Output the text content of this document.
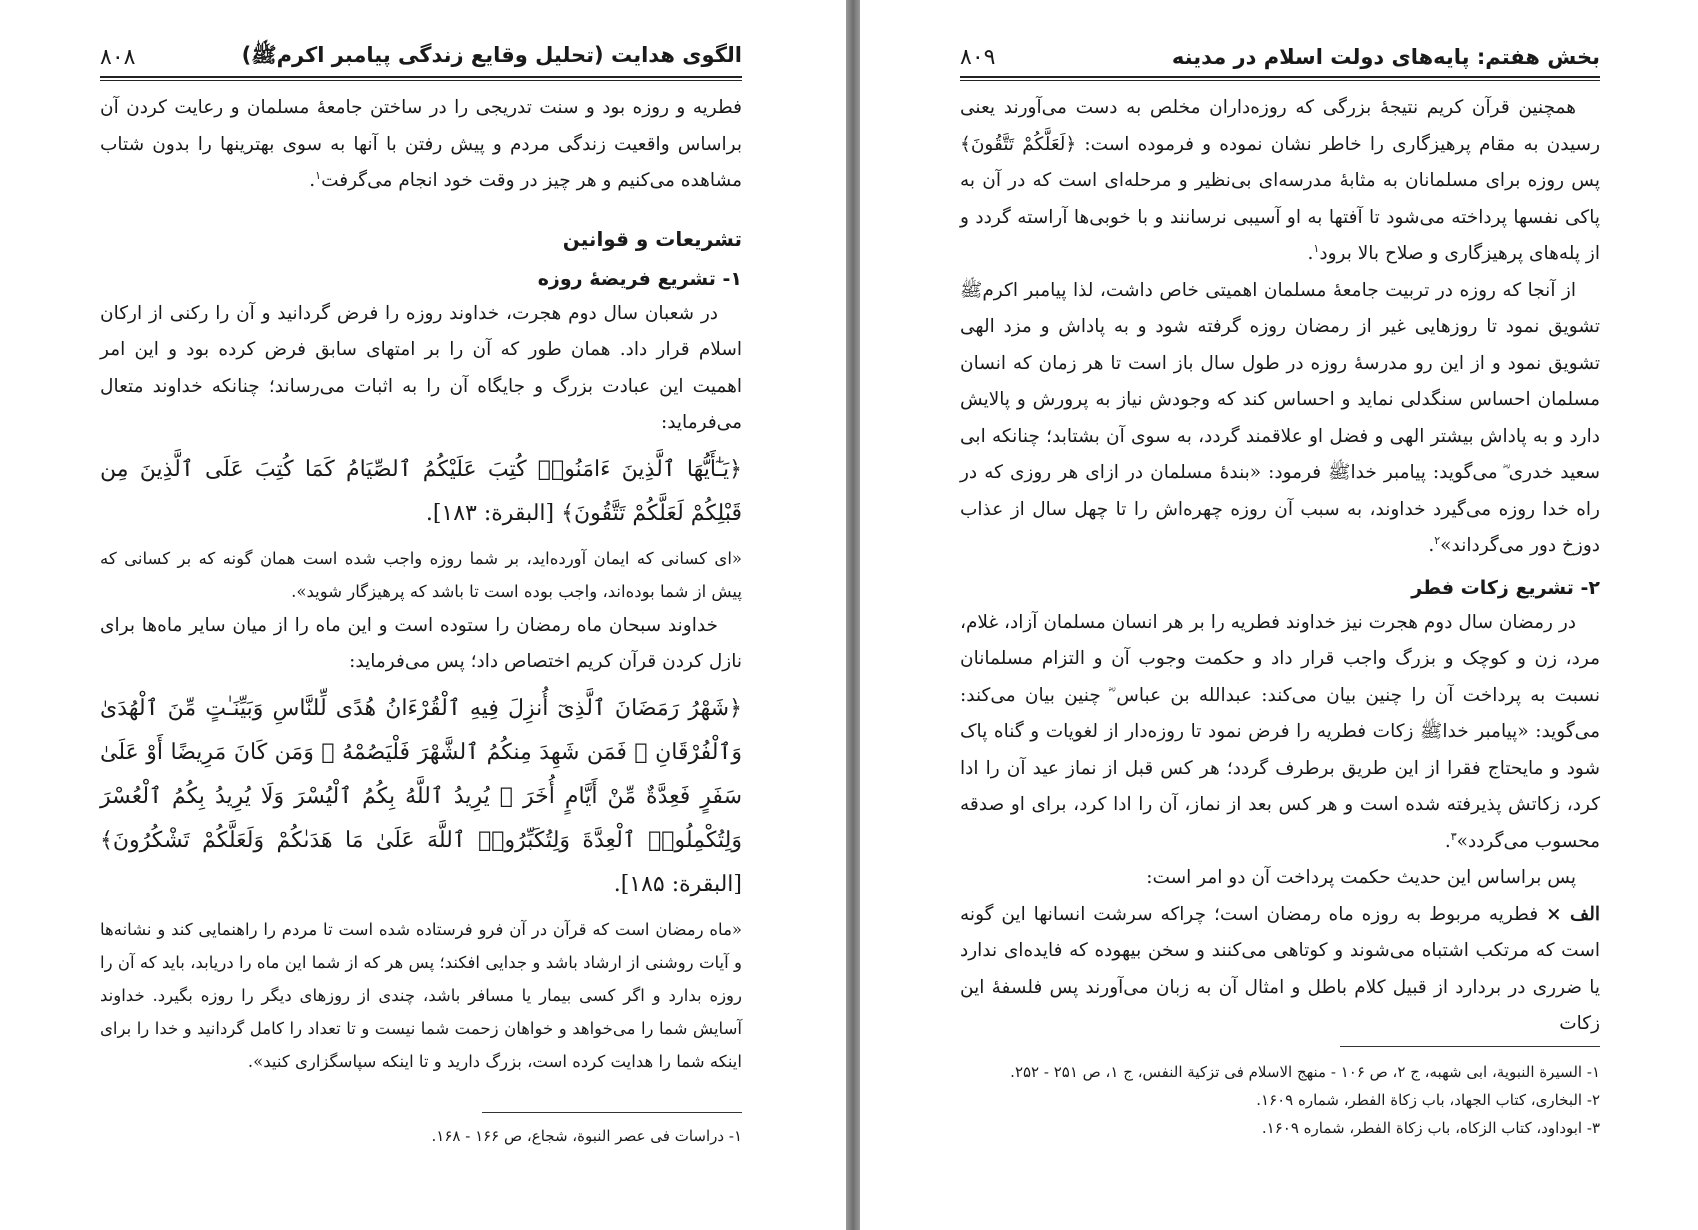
الگوی هدایت (تحلیل وقایع زندگی پیامبر اکرمﷺ)
۸۰۸

فطریه و روزه بود و سنت تدریجی را در ساختن جامعهٔ مسلمان و رعایت کردن آن براساس واقعیت زندگی مردم و پیش رفتن با آنها به سوی بهترینها را بدون شتاب مشاهده می‌کنیم و هر چیز در وقت خود انجام می‌گرفت$^۱$.

تشریعات و قوانین

۱- تشریع فریضهٔ روزه

در شعبان سال دوم هجرت، خداوند روزه را فرض گردانید و آن را رکنی از ارکان اسلام قرار داد. همان طور که آن را بر امتهای سابق فرض کرده بود و این امر اهمیت این عبادت بزرگ و جایگاه آن را به اثبات می‌رساند؛ چنانکه خداوند متعال می‌فرماید:

﴿يَـٰٓأَيُّهَا ٱلَّذِينَ ءَامَنُوا۟ كُتِبَ عَلَيْكُمُ ٱلصِّيَامُ كَمَا كُتِبَ عَلَى ٱلَّذِينَ مِن قَبْلِكُمْ لَعَلَّكُمْ تَتَّقُونَ﴾ [البقرة: ۱۸۳].

«ای کسانی که ایمان آورده‌اید، بر شما روزه واجب شده است همان گونه که بر کسانی که پیش از شما بوده‌اند، واجب بوده است تا باشد که پرهیزگار شوید».

خداوند سبحان ماه رمضان را ستوده است و این ماه را از میان سایر ماه‌ها برای نازل کردن قرآن کریم اختصاص داد؛ پس می‌فرماید:

﴿شَهْرُ رَمَضَانَ ٱلَّذِىٓ أُنزِلَ فِيهِ ٱلْقُرْءَانُ هُدًى لِّلنَّاسِ وَبَيِّنَـٰتٍ مِّنَ ٱلْهُدَىٰ وَٱلْفُرْقَانِ ۚ فَمَن شَهِدَ مِنكُمُ ٱلشَّهْرَ فَلْيَصُمْهُ ۖ وَمَن كَانَ مَرِيضًا أَوْ عَلَىٰ سَفَرٍ فَعِدَّةٌ مِّنْ أَيَّامٍ أُخَرَ ۗ يُرِيدُ ٱللَّهُ بِكُمُ ٱلْيُسْرَ وَلَا يُرِيدُ بِكُمُ ٱلْعُسْرَ وَلِتُكْمِلُوا۟ ٱلْعِدَّةَ وَلِتُكَبِّرُوا۟ ٱللَّهَ عَلَىٰ مَا هَدَىٰكُمْ وَلَعَلَّكُمْ تَشْكُرُونَ﴾ [البقرة: ۱۸۵].

«ماه رمضان است که قرآن در آن فرو فرستاده شده است تا مردم را راهنمایی کند و نشانه‌ها و آیات روشنی از ارشاد باشد و جدایی افکند؛ پس هر که از شما این ماه را دریابد، باید که آن را روزه بدارد و اگر کسی بیمار یا مسافر باشد، چندی از روزهای دیگر را روزه بگیرد. خداوند آسایش شما را می‌خواهد و خواهان زحمت شما نیست و تا تعداد را کامل گردانید و خدا را برای اینکه شما را هدایت کرده است، بزرگ دارید و تا اینکه سپاسگزاری کنید».

۱- دراسات فی عصر النبوة، شجاع، ص ۱۶۶ - ۱۶۸.
بخش هفتم: پایه‌های دولت اسلام در مدینه
۸۰۹

همچنین قرآن کریم نتیجهٔ بزرگی که روزه‌داران مخلص به دست می‌آورند یعنی رسیدن به مقام پرهیزگاری را خاطر نشان نموده و فرموده است: ﴿لَعَلَّكُمْ تَتَّقُونَ﴾ پس روزه برای مسلمانان به مثابهٔ مدرسه‌ای بی‌نظیر و مرحله‌ای است که در آن به پاکی نفسها پرداخته می‌شود تا آفتها به او آسیبی نرسانند و با خوبی‌ها آراسته گردد و از پله‌های پرهیزگاری و صلاح بالا برود$^۱$.

از آنجا که روزه در تربیت جامعهٔ مسلمان اهمیتی خاص داشت، لذا پیامبر اکرمﷺ تشویق نمود تا روزهایی غیر از رمضان روزه گرفته شود و به پاداش و مزد الهی تشویق نمود و از این رو مدرسهٔ روزه در طول سال باز است تا هر زمان که انسان مسلمان احساس سنگدلی نماید و احساس کند که وجودش نیاز به پرورش و پالایش دارد و به پاداش بیشتر الهی و فضل او علاقمند گردد، به سوی آن بشتابد؛ چنانکه ابی سعید خدری ؓ می‌گوید: پیامبر خداﷺ فرمود: «بندهٔ مسلمان در ازای هر روزی که در راه خدا روزه می‌گیرد خداوند، به سبب آن روزه چهره‌اش را تا چهل سال از عذاب دوزخ دور می‌گرداند»$^۲$.

۲- تشریع زکات فطر

در رمضان سال دوم هجرت نیز خداوند فطریه را بر هر انسان مسلمان آزاد، غلام، مرد، زن و کوچک و بزرگ واجب قرار داد و حکمت وجوب آن و التزام مسلمانان نسبت به پرداخت آن را چنین بیان می‌کند: عبدالله بن عباس ؓ چنین بیان می‌کند: می‌گوید: «پیامبر خداﷺ زکات فطریه را فرض نمود تا روزه‌دار از لغویات و گناه پاک شود و مایحتاج فقرا از این طریق برطرف گردد؛ هر کس قبل از نماز عید آن را ادا کرد، زکاتش پذیرفته شده است و هر کس بعد از نماز، آن را ادا کرد، برای او صدقه محسوب می‌گردد»$^۳$.

پس براساس این حدیث حکمت پرداخت آن دو امر است:

الف × فطریه مربوط به روزه ماه رمضان است؛ چراکه سرشت انسانها این گونه است که مرتکب اشتباه می‌شوند و کوتاهی می‌کنند و سخن بیهوده که فایده‌ای ندارد یا ضرری در بردارد از قبیل کلام باطل و امثال آن به زبان می‌آورند پس فلسفهٔ این زکات

۱- السیرة النبویة، ابی شهبه، ج ۲، ص ۱۰۶ - منهج الاسلام فی تزکیة النفس، ج ۱، ص ۲۵۱ - ۲۵۲.
۲- البخاری، کتاب الجهاد، باب زکاة الفطر، شماره ۱۶۰۹.
۳- ابوداود، کتاب الزکاه، باب زکاة الفطر، شماره ۱۶۰۹.
